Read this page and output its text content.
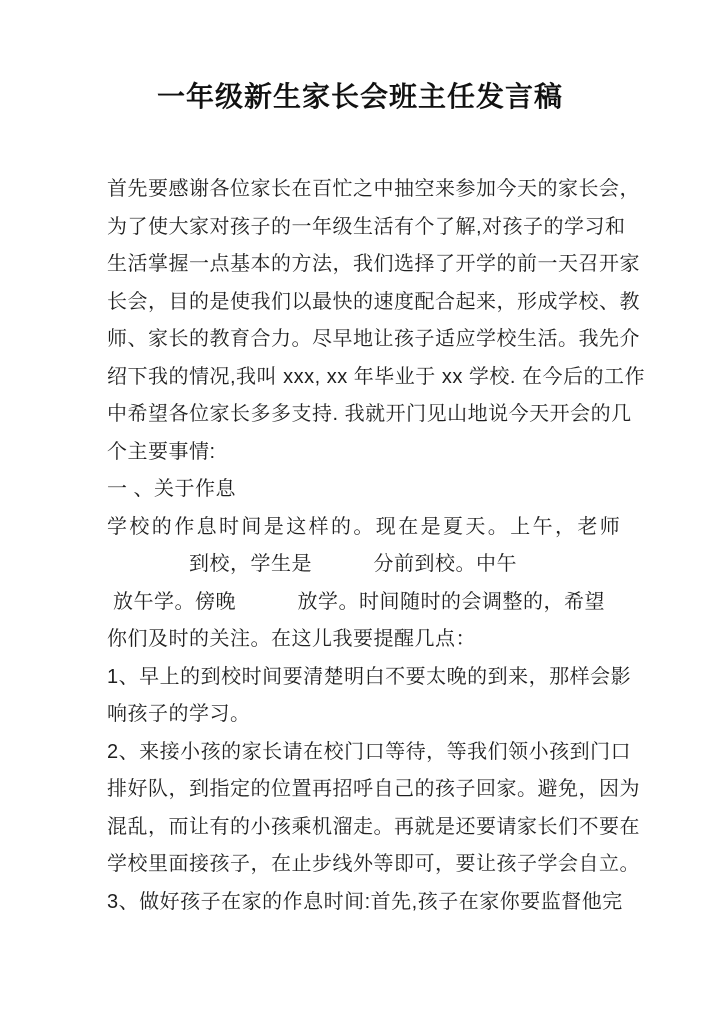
一年级新生家长会班主任发言稿
首先要感谢各位家长在百忙之中抽空来参加今天的家长会，
为了使大家对孩子的一年级生活有个了解,对孩子的学习和
生活掌握一点基本的方法，我们选择了开学的前一天召开家
长会，目的是使我们以最快的速度配合起来，形成学校、教
师、家长的教育合力。尽早地让孩子适应学校生活。我先介
绍下我的情况,我叫 xxx, xx 年毕业于 xx 学校. 在今后的工作
中希望各位家长多多支持. 我就开门见山地说今天开会的几
个主要事情:
一 、关于作息
学校的作息时间是这样的。现在是夏天。上午，老师
　　　　到校，学生是　　　分前到校。中午
放午学。傍晚　　　放学。时间随时的会调整的，希望
你们及时的关注。在这儿我要提醒几点：
1、早上的到校时间要清楚明白不要太晚的到来，那样会影
响孩子的学习。
2、来接小孩的家长请在校门口等待，等我们领小孩到门口
排好队，到指定的位置再招呼自己的孩子回家。避免，因为
混乱，而让有的小孩乘机溜走。再就是还要请家长们不要在
学校里面接孩子，在止步线外等即可，要让孩子学会自立。
3、做好孩子在家的作息时间:首先,孩子在家你要监督他完
